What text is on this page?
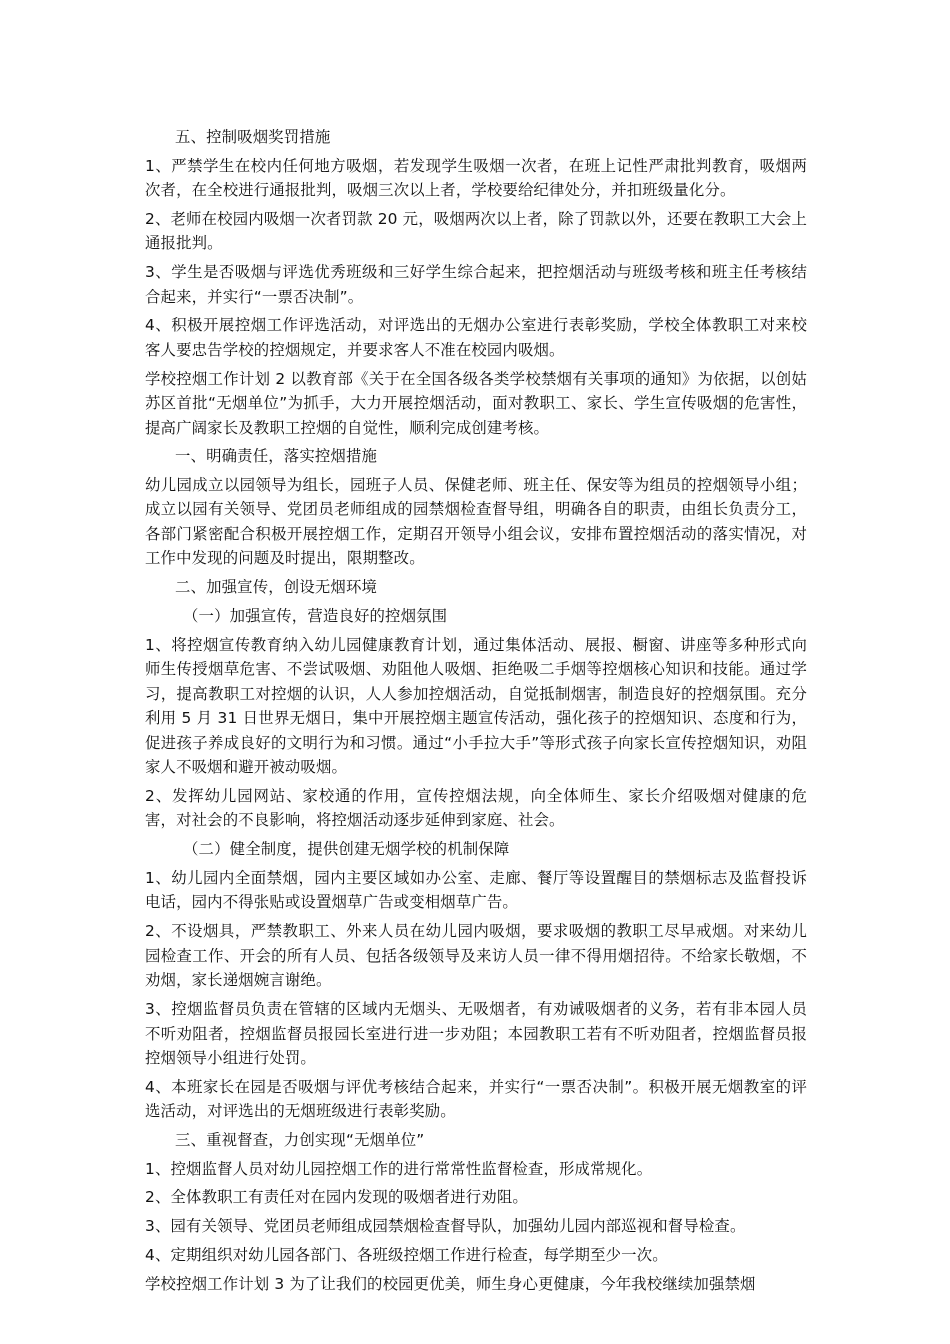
五、控制吸烟奖罚措施

1、严禁学生在校内任何地方吸烟，若发现学生吸烟一次者，在班上记性严肃批判教育，吸烟两次者，在全校进行通报批判，吸烟三次以上者，学校要给纪律处分，并扣班级量化分。

2、老师在校园内吸烟一次者罚款 20 元，吸烟两次以上者，除了罚款以外，还要在教职工大会上通报批判。

3、学生是否吸烟与评选优秀班级和三好学生综合起来，把控烟活动与班级考核和班主任考核结合起来，并实行“一票否决制”。

4、积极开展控烟工作评选活动，对评选出的无烟办公室进行表彰奖励，学校全体教职工对来校客人要忠告学校的控烟规定，并要求客人不准在校园内吸烟。

学校控烟工作计划 2 以教育部《关于在全国各级各类学校禁烟有关事项的通知》为依据，以创姑苏区首批“无烟单位”为抓手，大力开展控烟活动，面对教职工、家长、学生宣传吸烟的危害性，提高广阔家长及教职工控烟的自觉性，顺利完成创建考核。

一、明确责任，落实控烟措施

幼儿园成立以园领导为组长，园班子人员、保健老师、班主任、保安等为组员的控烟领导小组；成立以园有关领导、党团员老师组成的园禁烟检查督导组，明确各自的职责，由组长负责分工，各部门紧密配合积极开展控烟工作，定期召开领导小组会议，安排布置控烟活动的落实情况，对工作中发现的问题及时提出，限期整改。

二、加强宣传，创设无烟环境

（一）加强宣传，营造良好的控烟氛围

1、将控烟宣传教育纳入幼儿园健康教育计划，通过集体活动、展报、橱窗、讲座等多种形式向师生传授烟草危害、不尝试吸烟、劝阻他人吸烟、拒绝吸二手烟等控烟核心知识和技能。通过学习，提高教职工对控烟的认识，人人参加控烟活动，自觉抵制烟害，制造良好的控烟氛围。充分利用 5 月 31 日世界无烟日，集中开展控烟主题宣传活动，强化孩子的控烟知识、态度和行为，促进孩子养成良好的文明行为和习惯。通过“小手拉大手”等形式孩子向家长宣传控烟知识，劝阻家人不吸烟和避开被动吸烟。

2、发挥幼儿园网站、家校通的作用，宣传控烟法规，向全体师生、家长介绍吸烟对健康的危害，对社会的不良影响，将控烟活动逐步延伸到家庭、社会。

（二）健全制度，提供创建无烟学校的机制保障

1、幼儿园内全面禁烟，园内主要区域如办公室、走廊、餐厅等设置醒目的禁烟标志及监督投诉电话，园内不得张贴或设置烟草广告或变相烟草广告。

2、不设烟具，严禁教职工、外来人员在幼儿园内吸烟，要求吸烟的教职工尽早戒烟。对来幼儿园检查工作、开会的所有人员、包括各级领导及来访人员一律不得用烟招待。不给家长敬烟，不劝烟，家长递烟婉言谢绝。

3、控烟监督员负责在管辖的区域内无烟头、无吸烟者，有劝诫吸烟者的义务，若有非本园人员不听劝阻者，控烟监督员报园长室进行进一步劝阻；本园教职工若有不听劝阻者，控烟监督员报控烟领导小组进行处罚。

4、本班家长在园是否吸烟与评优考核结合起来，并实行“一票否决制”。积极开展无烟教室的评选活动，对评选出的无烟班级进行表彰奖励。

三、重视督查，力创实现“无烟单位”

1、控烟监督人员对幼儿园控烟工作的进行常常性监督检查，形成常规化。

2、全体教职工有责任对在园内发现的吸烟者进行劝阻。

3、园有关领导、党团员老师组成园禁烟检查督导队，加强幼儿园内部巡视和督导检查。

4、定期组织对幼儿园各部门、各班级控烟工作进行检查，每学期至少一次。

学校控烟工作计划 3 为了让我们的校园更优美，师生身心更健康，今年我校继续加强禁烟
